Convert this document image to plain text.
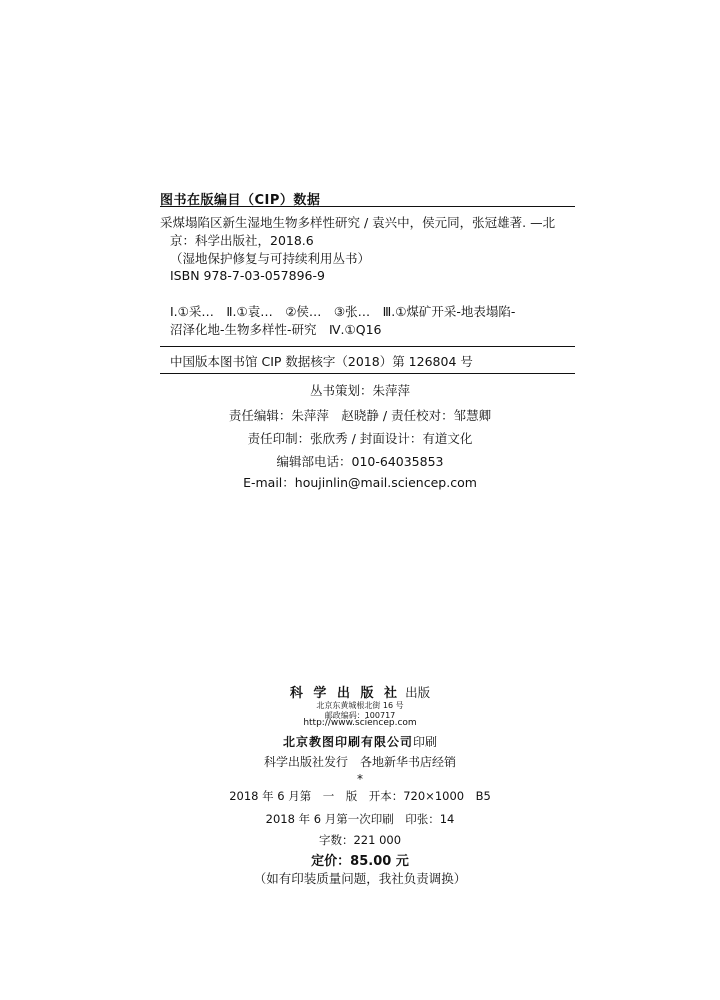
图书在版编目（CIP）数据
采煤塌陷区新生湿地生物多样性研究 / 袁兴中，侯元同，张冠雄著. —北
京：科学出版社，2018.6
（湿地保护修复与可持续利用丛书）
ISBN 978-7-03-057896-9
Ⅰ.①采…　Ⅱ.①袁…　②侯…　③张…　Ⅲ.①煤矿开采-地表塌陷-
沼泽化地-生物多样性-研究　Ⅳ.①Q16
中国版本图书馆 CIP 数据核字（2018）第 126804 号
丛书策划：朱萍萍
责任编辑：朱萍萍　赵晓静 / 责任校对：邹慧卿
责任印制：张欣秀 / 封面设计：有道文化
编辑部电话：010-64035853
E-mail：houjinlin@mail.sciencep.com
科 学 出 版 社 出版
北京东黄城根北街 16 号
邮政编码：100717
http://www.sciencep.com
北京教图印刷有限公司印刷
科学出版社发行　各地新华书店经销
*
2018 年 6 月第　一　版　开本：720×1000　B5
2018 年 6 月第一次印刷　印张：14
字数：221 000
定价：85.00 元
（如有印装质量问题，我社负责调换）
